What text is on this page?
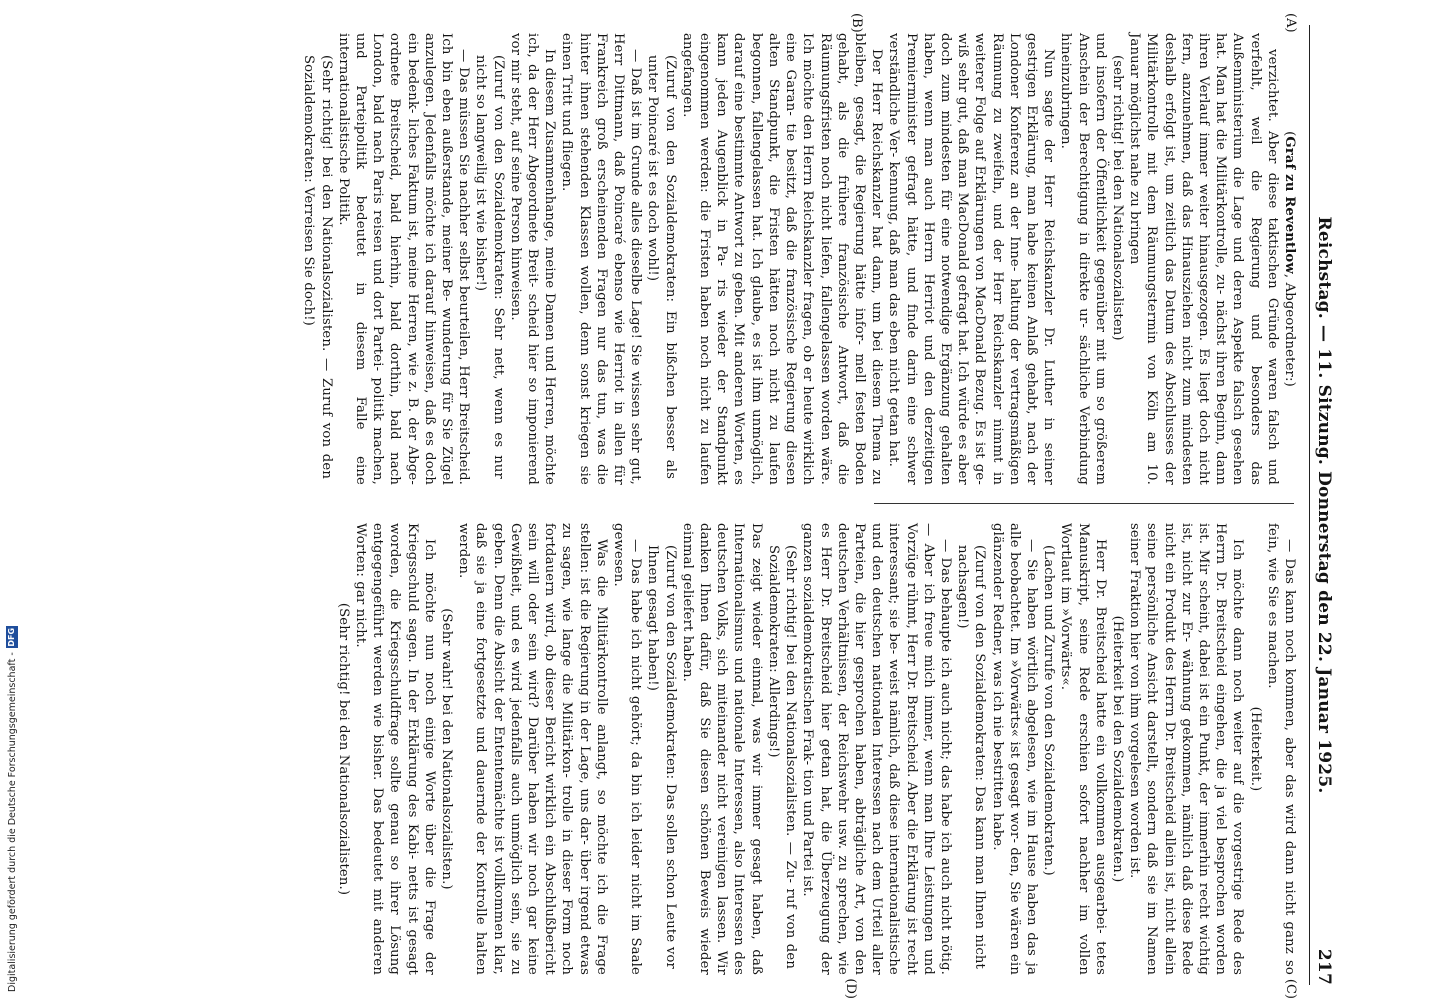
Reichstag. — 11. Sitzung. Donnerstag den 22. Januar 1925.
217
(A)
(B)
(C)
(D)

(Graf zu Reventlow, Abgeordneter:)

verzichtet. Aber diese taktischen Gründe waren falsch und verfehlt, weil die Regierung und besonders das Außenministerium die Lage und deren Aspekte falsch gesehen hat. Man hat die Militärkontrolle, zu- nächst ihren Beginn, dann ihren Verlauf immer weiter hinausgezogen. Es liegt doch nicht fern, anzunehmen, daß das Hinausziehen nicht zum mindesten deshalb erfolgt ist, um zeitlich das Datum des Abschlusses der Militärkontrolle mit dem Räumungstermin von Köln am 10. Januar möglichst nahe zu bringen

(sehr richtig! bei den Nationalsozialisten)

und insofern der Öffentlichkeit gegenüber mit um so größerem Anschein der Berechtigung in direkte ur- sächliche Verbindung hineinzubringen.

Nun sagte der Herr Reichskanzler Dr. Luther in seiner gestrigen Erklärung, man habe keinen Anlaß gehabt, nach der Londoner Konferenz an der Inne- haltung der vertragsmäßigen Räumung zu zweifeln, und der Herr Reichskanzler nimmt in weiterer Folge auf Erklärungen von MacDonald Bezug. Es ist ge- wiß sehr gut, daß man MacDonald gefragt hat. Ich würde es aber doch zum mindesten für eine notwendige Ergänzung gehalten haben, wenn man auch Herrn Herriot und den derzeitigen Premierminister gefragt hätte, und finde darin eine schwer verständliche Ver- kennung, daß man das eben nicht getan hat.

Der Herr Reichskanzler hat dann, um bei diesem Thema zu bleiben, gesagt, die Regierung hätte infor- mell festen Boden gehabt, als die frühere französische Antwort, daß die Räumungsfristen noch nicht liefen, fallengelassen worden wäre. Ich möchte den Herrn Reichskanzler fragen, ob er heute wirklich eine Garan- tie besitzt, daß die französische Regierung diesen alten Standpunkt, die Fristen hätten noch nicht zu laufen begonnen, fallengelassen hat. Ich glaube, es ist ihm unmöglich, darauf eine bestimmte Antwort zu geben. Mit anderen Worten, es kann jeden Augenblick in Pa- ris wieder der Standpunkt eingenommen werden: die Fristen haben noch nicht zu laufen angefangen.

(Zuruf von den Sozialdemokraten: Ein bißchen besser als unter Poincaré ist es doch wohl!)

— Daß ist im Grunde alles dieselbe Lage! Sie wissen sehr gut, Herr Dittmann, daß Poincaré ebenso wie Herriot in allen für Frankreich groß erscheinenden Fragen nur das tun, was die hinter ihnen stehenden Klassen wollen, denn sonst kriegen sie einen Tritt und fliegen.

In diesem Zusammenhange, meine Damen und Herren, möchte ich, da der Herr Abgeordnete Breit- scheid hier so imponierend vor mir steht, auf seine Person hinweisen.

(Zuruf von den Sozialdemokraten: Sehr nett, wenn es nur nicht so langweilig ist wie bisher!)

— Das müssen Sie nachher selbst beurteilen, Herr Breitscheid. Ich bin eben außerstande, meiner Be- wunderung für Sie Zügel anzulegen. Jedenfalls möchte ich darauf hinweisen, daß es doch ein bedenk- liches Faktum ist, meine Herren, wie z. B. der Abge- ordnete Breitscheid, bald hierhin, bald dorthin, bald nach London, bald nach Paris reisen und dort Partei- politik machen, und Parteipolitik bedeutet in diesem Falle eine internationalistische Politik.

(Sehr richtig! bei den Nationalsozialisten. — Zuruf von den Sozialdemokraten: Verreisen Sie doch!)

— Das kann noch kommen, aber das wird dann nicht ganz so fein, wie Sie es machen.

(Heiterkeit.)

Ich möchte dann noch weiter auf die vorgestrige Rede des Herrn Dr. Breitscheid eingehen, die ja viel besprochen worden ist. Mir scheint, dabei ist ein Punkt, der immerhin recht wichtig ist, nicht zur Er- wähnung gekommen, nämlich daß diese Rede nicht ein Produkt des Herrn Dr. Breitscheid allein ist, nicht allein seine persönliche Ansicht darstellt, sondern daß sie im Namen seiner Fraktion hier von ihm vorgelesen worden ist.

(Heiterkeit bei den Sozialdemokraten.)

Herr Dr. Breitscheid hatte ein vollkommen ausgearbei- tetes Manuskript, seine Rede erschien sofort nachher im vollen Wortlaut im »Vorwärts«.

(Lachen und Zurufe von den Sozialdemokraten.)

— Sie haben wörtlich abgelesen, wie im Hause haben das ja alle beobachtet. Im »Vorwärts« ist gesagt wor- den, Sie wären ein glänzender Redner, was ich nie bestritten habe.

(Zuruf von den Sozialdemokraten: Das kann man Ihnen nicht nachsagen!)

— Das behaupte ich auch nicht; das habe ich auch nicht nötig. — Aber ich freue mich immer, wenn man Ihre Leistungen und Vorzüge rühmt, Herr Dr. Breitscheid. Aber die Erklärung ist recht interessant; sie be- weist nämlich, daß diese internationalistische und den deutschen nationalen Interessen nach dem Urteil aller Parteien, die hier gesprochen haben, abträgliche Art, von den deutschen Verhältnissen, der Reichswehr usw. zu sprechen, wie es Herr Dr. Breitscheid hier getan hat, die Überzeugung der ganzen sozialdemokratischen Frak- tion und Partei ist.

(Sehr richtig! bei den Nationalsozialisten. — Zu- ruf von den Sozialdemokraten: Allerdings!)

Das zeigt wieder einmal, was wir immer gesagt haben, daß Internationalismus und nationale Interessen, also Interessen des deutschen Volks, sich miteinander nicht vereinigen lassen. Wir danken Ihnen dafür, daß Sie diesen schönen Beweis wieder einmal geliefert haben.

(Zuruf von den Sozialdemokraten: Das sollen schon Leute vor Ihnen gesagt haben!)

— Das habe ich nicht gehört; da bin ich leider nicht im Saale gewesen.

Was die Militärkontrolle anlangt, so möchte ich die Frage stellen: ist die Regierung in der Lage, uns dar- über irgend etwas zu sagen, wie lange die Militärkon- trolle in dieser Form noch fortdauern wird, ob dieser Bericht wirklich ein Abschlußbericht sein will oder sein wird? Darüber haben wir noch gar keine Gewißheit, und es wird jedenfalls auch unmöglich sein, sie zu geben. Denn die Absicht der Ententemächte ist vollkommen klar, daß sie ja eine fortgesetzte und dauernde der Kontrolle halten werden.

(Sehr wahr! bei den Nationalsozialisten.)

Ich möchte nun noch einige Worte über die Frage der Kriegsschuld sagen. In der Erklärung des Kabi- netts ist gesagt worden, die Kriegsschuldfrage sollte genau so ihrer Lösung entgegengeführt werden wie bisher. Das bedeutet mit anderen Worten: gar nicht.

(Sehr richtig! bei den Nationalsozialisten.)

Digitalisierung gefördert durch die Deutsche Forschungsgemeinschaft -
DFG
